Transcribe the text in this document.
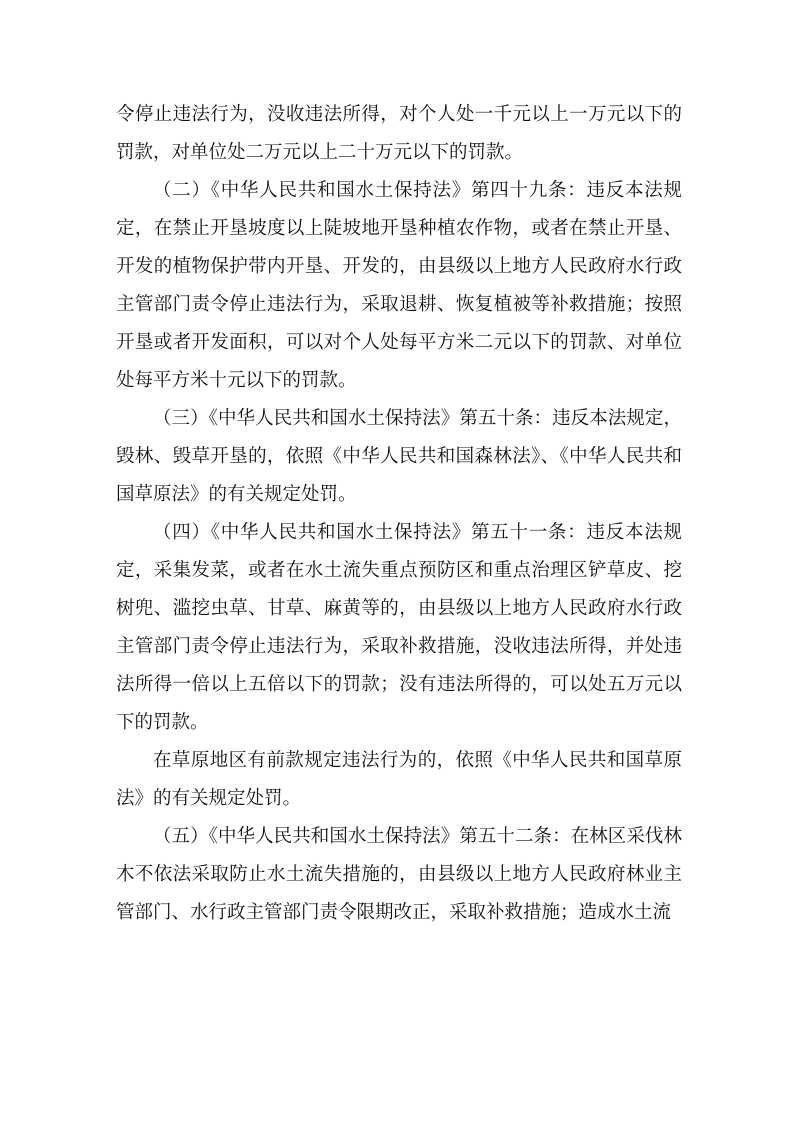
令停止违法行为，没收违法所得，对个人处一千元以上一万元以下的罚款，对单位处二万元以上二十万元以下的罚款。

（二）《中华人民共和国水土保持法》第四十九条：违反本法规定，在禁止开垦坡度以上陡坡地开垦种植农作物，或者在禁止开垦、开发的植物保护带内开垦、开发的，由县级以上地方人民政府水行政主管部门责令停止违法行为，采取退耕、恢复植被等补救措施；按照开垦或者开发面积，可以对个人处每平方米二元以下的罚款、对单位处每平方米十元以下的罚款。

（三）《中华人民共和国水土保持法》第五十条：违反本法规定，毁林、毁草开垦的，依照《中华人民共和国森林法》、《中华人民共和国草原法》的有关规定处罚。

（四）《中华人民共和国水土保持法》第五十一条：违反本法规定，采集发菜，或者在水土流失重点预防区和重点治理区铲草皮、挖树兜、滥挖虫草、甘草、麻黄等的，由县级以上地方人民政府水行政主管部门责令停止违法行为，采取补救措施，没收违法所得，并处违法所得一倍以上五倍以下的罚款；没有违法所得的，可以处五万元以下的罚款。

在草原地区有前款规定违法行为的，依照《中华人民共和国草原法》的有关规定处罚。

（五）《中华人民共和国水土保持法》第五十二条：在林区采伐林木不依法采取防止水土流失措施的，由县级以上地方人民政府林业主管部门、水行政主管部门责令限期改正，采取补救措施；造成水土流
